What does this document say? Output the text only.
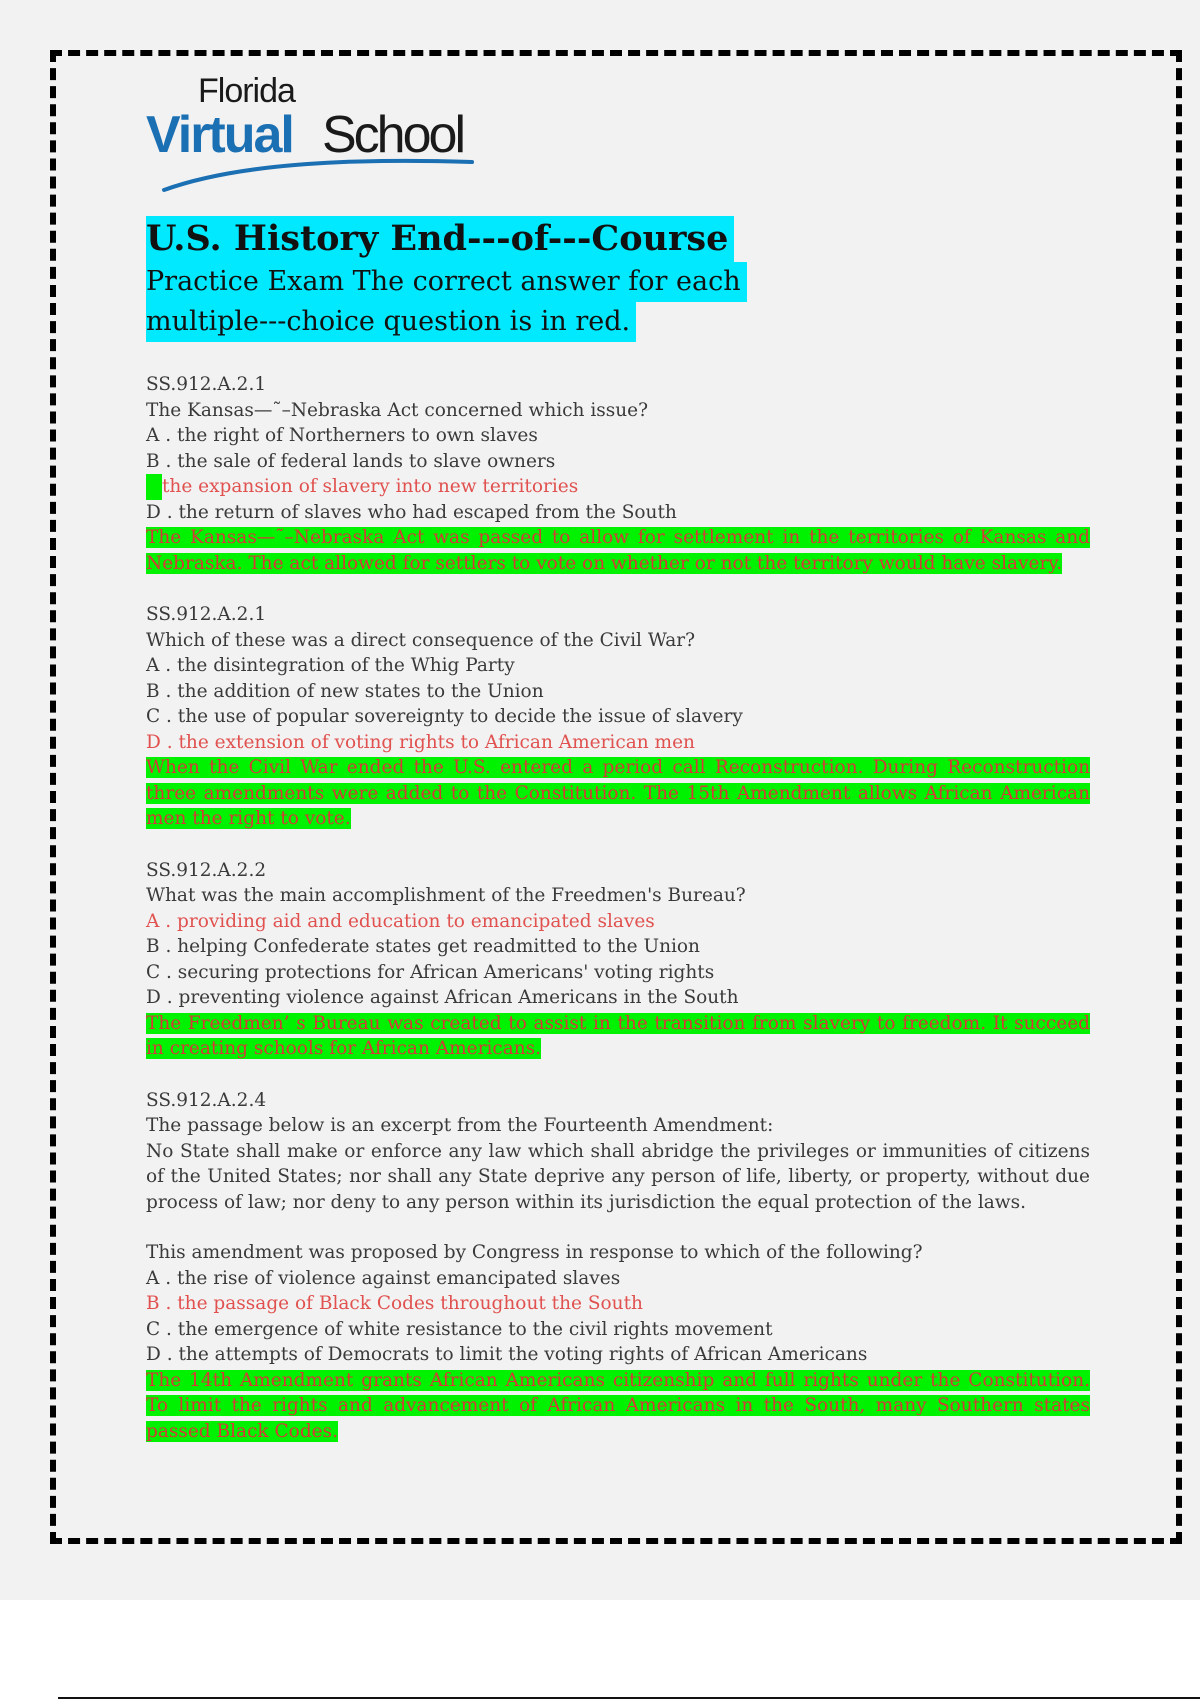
Florida
Virtual School
U.S. History End---of---Course
Practice Exam The correct answer for each
multiple---choice question is in red.
SS.912.A.2.1
The Kansas—˜–Nebraska Act concerned which issue?
A . the right of Northerners to own slaves
B . the sale of federal lands to slave owners
Cthe expansion of slavery into new territories
D . the return of slaves who had escaped from the South
The Kansas—˜–Nebraska Act was passed to allow for settlement in the territories of Kansas and Nebraska. The act allowed for settlers to vote on whether or not the territory would have slavery.
SS.912.A.2.1
Which of these was a direct consequence of the Civil War?
A . the disintegration of the Whig Party
B . the addition of new states to the Union
C . the use of popular sovereignty to decide the issue of slavery
D . the extension of voting rights to African American men
When the Civil War ended the U.S. entered a period call Reconstruction. During Reconstruction three amendments were added to the Constitution. The 15th Amendment allows African American men the right to vote.
SS.912.A.2.2
What was the main accomplishment of the Freedmen's Bureau?
A . providing aid and education to emancipated slaves
B . helping Confederate states get readmitted to the Union
C . securing protections for African Americans' voting rights
D . preventing violence against African Americans in the South
The Freedmen’ s Bureau was created to assist in the transition from slavery to freedom. It succeed in creating schools for African Americans.
SS.912.A.2.4
The passage below is an excerpt from the Fourteenth Amendment:
No State shall make or enforce any law which shall abridge the privileges or immunities of citizens of the United States; nor shall any State deprive any person of life, liberty, or property, without due process of law; nor deny to any person within its jurisdiction the equal protection of the laws.
This amendment was proposed by Congress in response to which of the following?
A . the rise of violence against emancipated slaves
B . the passage of Black Codes throughout the South
C . the emergence of white resistance to the civil rights movement
D . the attempts of Democrats to limit the voting rights of African Americans
The 14th Amendment grants African Americans citizenship and full rights under the Constitution. To limit the rights and advancement of African Americans in the South, many Southern states passed Black Codes.
